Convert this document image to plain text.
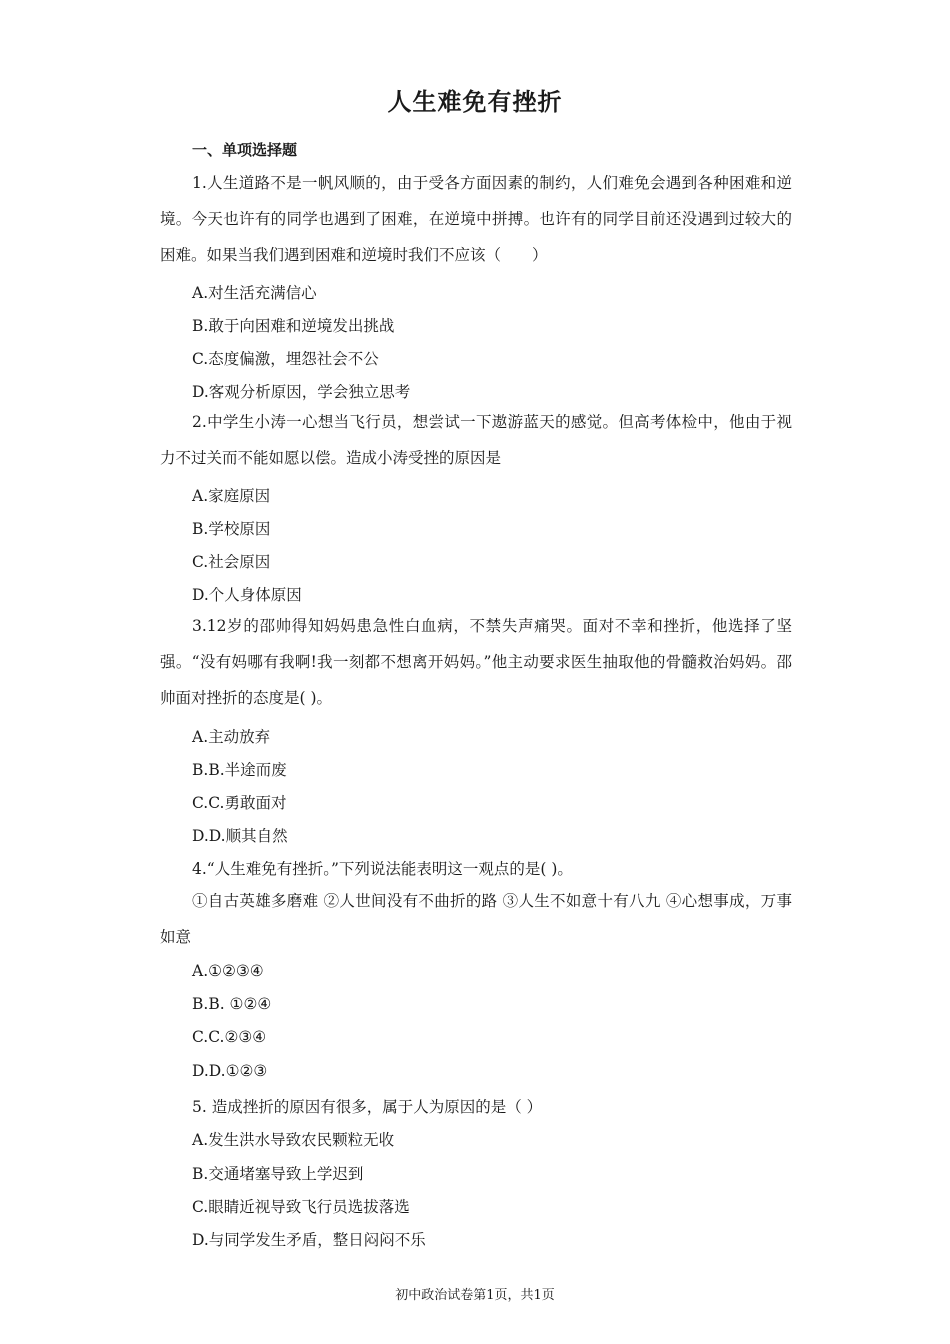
人生难免有挫折
一、单项选择题
1.人生道路不是一帆风顺的，由于受各方面因素的制约，人们难免会遇到各种困难和逆境。今天也许有的同学也遇到了困难，在逆境中拼搏。也许有的同学目前还没遇到过较大的困难。如果当我们遇到困难和逆境时我们不应该（　　）
A.对生活充满信心
B.敢于向困难和逆境发出挑战
C.态度偏激，埋怨社会不公
D.客观分析原因，学会独立思考
2.中学生小涛一心想当飞行员，想尝试一下遨游蓝天的感觉。但高考体检中，他由于视力不过关而不能如愿以偿。造成小涛受挫的原因是
A.家庭原因
B.学校原因
C.社会原因
D.个人身体原因
3.12岁的邵帅得知妈妈患急性白血病，不禁失声痛哭。面对不幸和挫折，他选择了坚强。“没有妈哪有我啊!我一刻都不想离开妈妈。”他主动要求医生抽取他的骨髓救治妈妈。邵帅面对挫折的态度是( )。
A.主动放弃
B.B.半途而废
C.C.勇敢面对
D.D.顺其自然
4.“人生难免有挫折。”下列说法能表明这一观点的是( )。
①自古英雄多磨难 ②人世间没有不曲折的路 ③人生不如意十有八九 ④心想事成，万事如意
A.①②③④
B.B. ①②④
C.C.②③④
D.D.①②③
5. 造成挫折的原因有很多，属于人为原因的是（ ）
A.发生洪水导致农民颗粒无收
B.交通堵塞导致上学迟到
C.眼睛近视导致飞行员选拔落选
D.与同学发生矛盾，整日闷闷不乐
初中政治试卷第1页，共1页
